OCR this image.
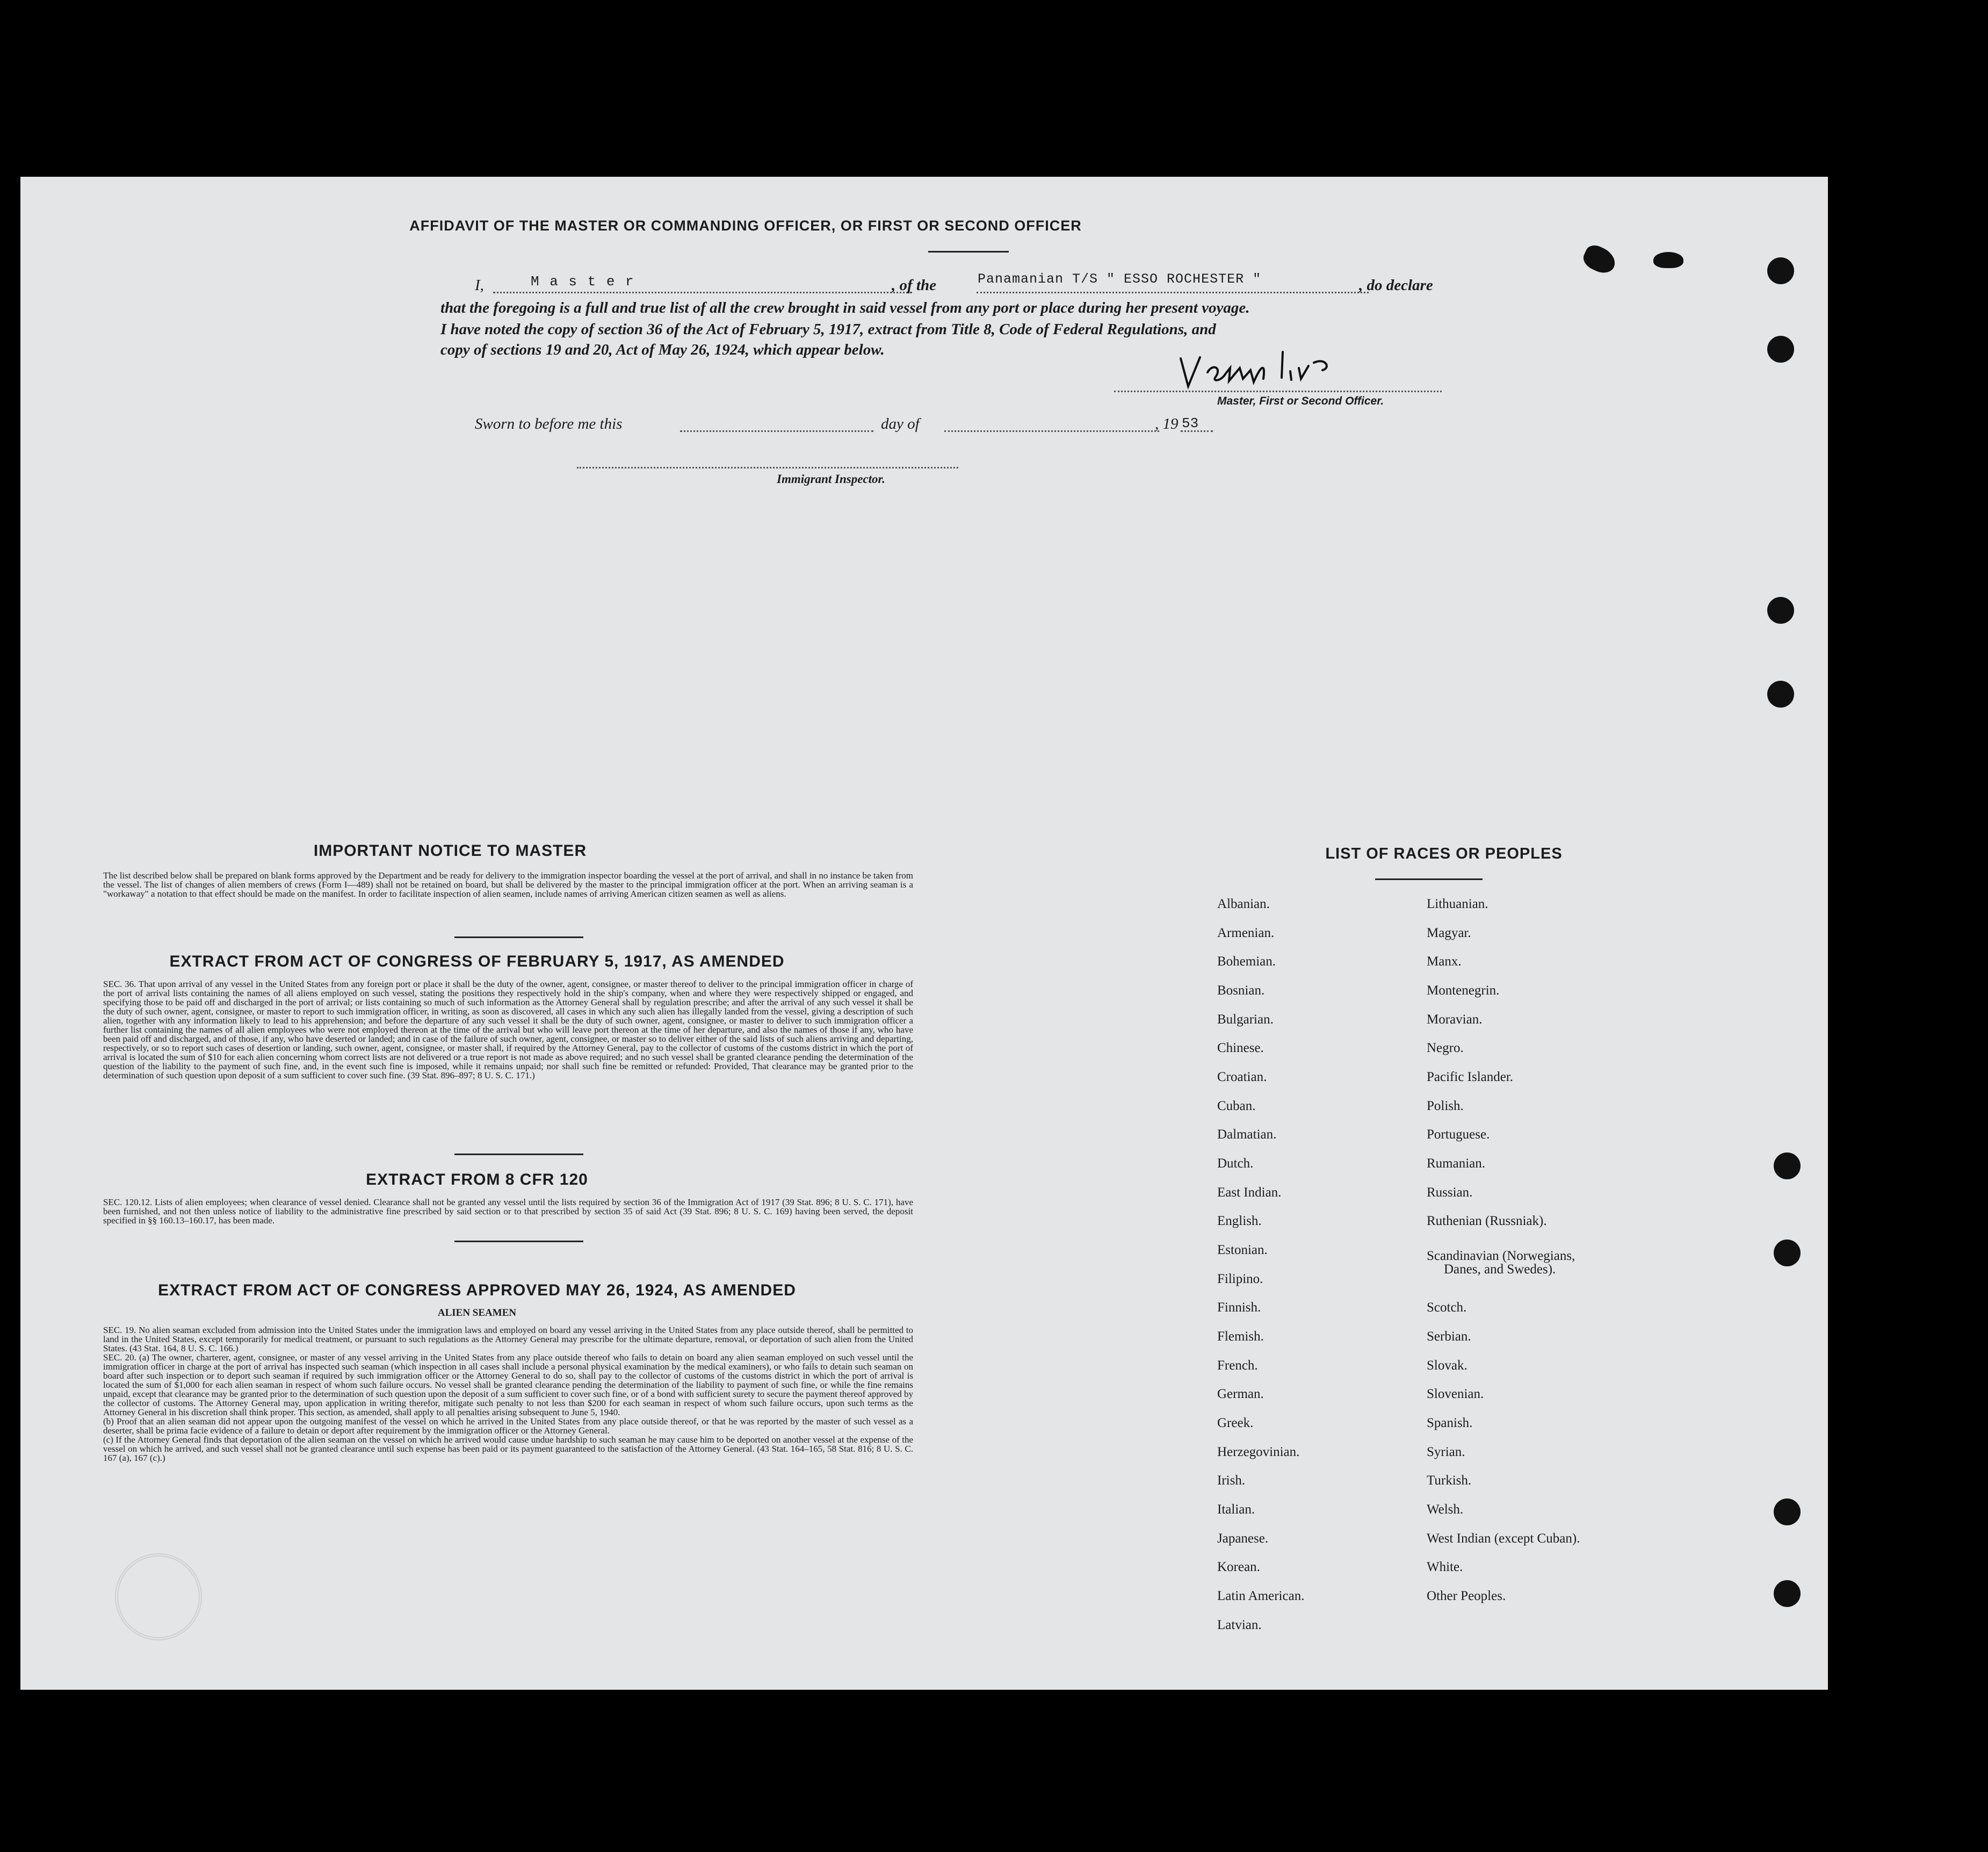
AFFIDAVIT OF THE MASTER OR COMMANDING OFFICER, OR FIRST OR SECOND OFFICER
I,	M a s t e r	, of the	Panamanian T/S " ESSO ROCHESTER "	, do declare
that the foregoing is a full and true list of all the crew brought in said vessel from any port or place during her present voyage.
I have noted the copy of section 36 of the Act of February 5, 1917, extract from Title 8, Code of Federal Regulations, and
copy of sections 19 and 20, Act of May 26, 1924, which appear below.
Master, First or Second Officer.
Sworn to before me this	day of	, 19 53
Immigrant Inspector.
IMPORTANT NOTICE TO MASTER
The list described below shall be prepared on blank forms approved by the Department and be ready for delivery to the immigration inspector boarding the vessel at the port of arrival, and shall in no instance be taken from the vessel. The list of changes of alien members of crews (Form I—489) shall not be retained on board, but shall be delivered by the master to the principal immigration officer at the port. When an arriving seaman is a "workaway" a notation to that effect should be made on the manifest. In order to facilitate inspection of alien seamen, include names of arriving American citizen seamen as well as aliens.
EXTRACT FROM ACT OF CONGRESS OF FEBRUARY 5, 1917, AS AMENDED
SEC. 36. That upon arrival of any vessel in the United States from any foreign port or place it shall be the duty of the owner, agent, consignee, or master thereof to deliver to the principal immigration officer in charge of the port of arrival lists containing the names of all aliens employed on such vessel, stating the positions they respectively hold in the ship's company, when and where they were respectively shipped or engaged, and specifying those to be paid off and discharged in the port of arrival; or lists containing so much of such information as the Attorney General shall by regulation prescribe; and after the arrival of any such vessel it shall be the duty of such owner, agent, consignee, or master to report to such immigration officer, in writing, as soon as discovered, all cases in which any such alien has illegally landed from the vessel, giving a description of such alien, together with any information likely to lead to his apprehension; and before the departure of any such vessel it shall be the duty of such owner, agent, consignee, or master to deliver to such immigration officer a further list containing the names of all alien employees who were not employed thereon at the time of the arrival but who will leave port thereon at the time of her departure, and also the names of those if any, who have been paid off and discharged, and of those, if any, who have deserted or landed; and in case of the failure of such owner, agent, consignee, or master so to deliver either of the said lists of such aliens arriving and departing, respectively, or so to report such cases of desertion or landing, such owner, agent, consignee, or master shall, if required by the Attorney General, pay to the collector of customs of the customs district in which the port of arrival is located the sum of $10 for each alien concerning whom correct lists are not delivered or a true report is not made as above required; and no such vessel shall be granted clearance pending the determination of the question of the liability to the payment of such fine, and, in the event such fine is imposed, while it remains unpaid; nor shall such fine be remitted or refunded: Provided, That clearance may be granted prior to the determination of such question upon deposit of a sum sufficient to cover such fine. (39 Stat. 896–897; 8 U. S. C. 171.)
EXTRACT FROM 8 CFR 120
SEC. 120.12. Lists of alien employees; when clearance of vessel denied. Clearance shall not be granted any vessel until the lists required by section 36 of the Immigration Act of 1917 (39 Stat. 896; 8 U. S. C. 171), have been furnished, and not then unless notice of liability to the administrative fine prescribed by said section or to that prescribed by section 35 of said Act (39 Stat. 896; 8 U. S. C. 169) having been served, the deposit specified in §§ 160.13–160.17, has been made.
EXTRACT FROM ACT OF CONGRESS APPROVED MAY 26, 1924, AS AMENDED
ALIEN SEAMEN

SEC. 19. No alien seaman excluded from admission into the United States under the immigration laws and employed on board any vessel arriving in the United States from any place outside thereof, shall be permitted to land in the United States, except temporarily for medical treatment, or pursuant to such regulations as the Attorney General may prescribe for the ultimate departure, removal, or deportation of such alien from the United States. (43 Stat. 164, 8 U. S. C. 166.)

SEC. 20. (a) The owner, charterer, agent, consignee, or master of any vessel arriving in the United States from any place outside thereof who fails to detain on board any alien seaman employed on such vessel until the immigration officer in charge at the port of arrival has inspected such seaman (which inspection in all cases shall include a personal physical examination by the medical examiners), or who fails to detain such seaman on board after such inspection or to deport such seaman if required by such immigration officer or the Attorney General to do so, shall pay to the collector of customs of the customs district in which the port of arrival is located the sum of $1,000 for each alien seaman in respect of whom such failure occurs. No vessel shall be granted clearance pending the determination of the liability to payment of such fine, or while the fine remains unpaid, except that clearance may be granted prior to the determination of such question upon the deposit of a sum sufficient to cover such fine, or of a bond with sufficient surety to secure the payment thereof approved by the collector of customs. The Attorney General may, upon application in writing therefor, mitigate such penalty to not less than $200 for each seaman in respect of whom such failure occurs, upon such terms as the Attorney General in his discretion shall think proper. This section, as amended, shall apply to all penalties arising subsequent to June 5, 1940.

(b) Proof that an alien seaman did not appear upon the outgoing manifest of the vessel on which he arrived in the United States from any place outside thereof, or that he was reported by the master of such vessel as a deserter, shall be prima facie evidence of a failure to detain or deport after requirement by the immigration officer or the Attorney General.

(c) If the Attorney General finds that deportation of the alien seaman on the vessel on which he arrived would cause undue hardship to such seaman he may cause him to be deported on another vessel at the expense of the vessel on which he arrived, and such vessel shall not be granted clearance until such expense has been paid or its payment guaranteed to the satisfaction of the Attorney General. (43 Stat. 164–165, 58 Stat. 816; 8 U. S. C. 167 (a), 167 (c).)

LIST OF RACES OR PEOPLES
Albanian.
Armenian.
Bohemian.
Bosnian.
Bulgarian.
Chinese.
Croatian.
Cuban.
Dalmatian.
Dutch.
East Indian.
English.
Estonian.
Filipino.
Finnish.
Flemish.
French.
German.
Greek.
Herzegovinian.
Irish.
Italian.
Japanese.
Korean.
Latin American.
Latvian.
Lithuanian.
Magyar.
Manx.
Montenegrin.
Moravian.
Negro.
Pacific Islander.
Polish.
Portuguese.
Rumanian.
Russian.
Ruthenian (Russniak).
Scandinavian (Norwegians,
Danes, and Swedes).
Scotch.
Serbian.
Slovak.
Slovenian.
Spanish.
Syrian.
Turkish.
Welsh.
West Indian (except Cuban).
White.
Other Peoples.
